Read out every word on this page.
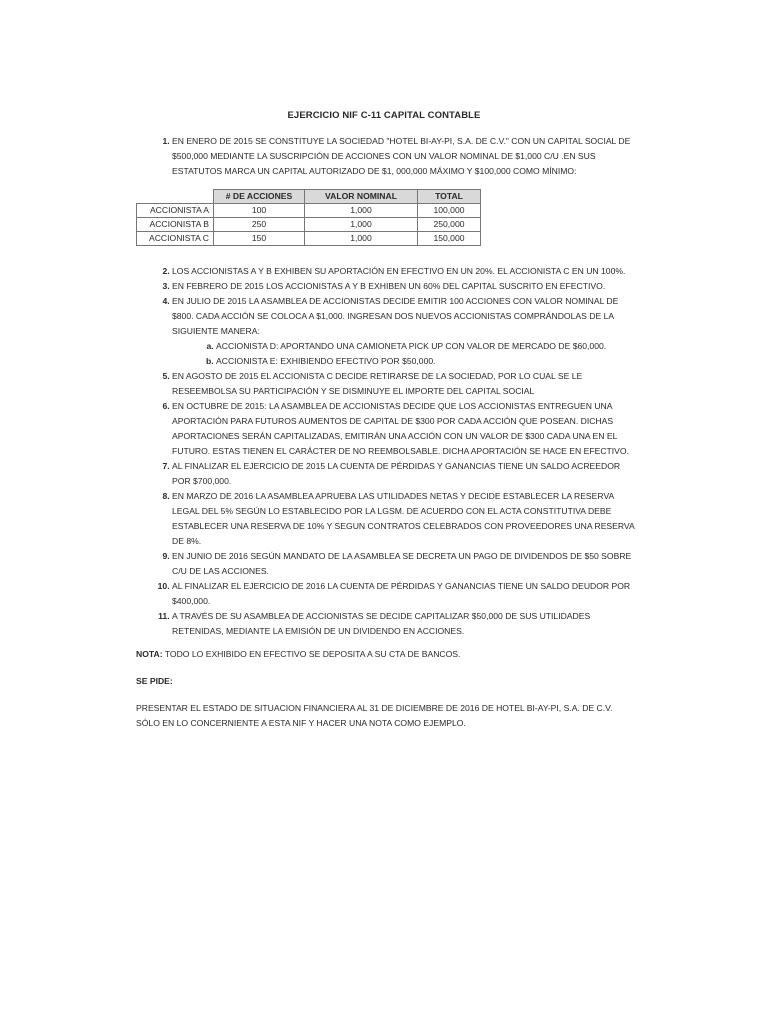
EJERCICIO NIF C-11 CAPITAL CONTABLE
1. EN ENERO DE 2015 SE CONSTITUYE LA SOCIEDAD "HOTEL BI-AY-PI, S.A. DE C.V." CON UN CAPITAL SOCIAL DE $500,000 MEDIANTE LA SUSCRIPCIÓN DE ACCIONES CON UN VALOR NOMINAL DE $1,000 C/U .EN SUS ESTATUTOS MARCA UN CAPITAL AUTORIZADO DE $1, 000,000 MÁXIMO Y $100,000 COMO MÍNIMO:
	# DE ACCIONES	VALOR NOMINAL	TOTAL
ACCIONISTA A	100	1,000	100,000
ACCIONISTA B	250	1,000	250,000
ACCIONISTA C	150	1,000	150,000
2. LOS ACCIONISTAS A Y B EXHIBEN SU APORTACIÓN EN EFECTIVO EN UN 20%. EL ACCIONISTA C EN UN 100%.
3. EN FEBRERO DE 2015 LOS ACCIONISTAS A Y B EXHIBEN UN 60% DEL CAPITAL SUSCRITO EN EFECTIVO.
4. EN JULIO DE 2015 LA ASAMBLEA DE ACCIONISTAS DECIDE EMITIR 100 ACCIONES CON VALOR NOMINAL DE $800. CADA ACCIÓN SE COLOCA A $1,000. INGRESAN DOS NUEVOS ACCIONISTAS COMPRÁNDOLAS DE LA SIGUIENTE MANERA:
a. ACCIONISTA D: APORTANDO UNA CAMIONETA PICK UP CON VALOR DE MERCADO DE $60,000.
b. ACCIONISTA E: EXHIBIENDO EFECTIVO POR $50,000.
5. EN AGOSTO DE 2015 EL ACCIONISTA C DECIDE RETIRARSE DE LA SOCIEDAD, POR LO CUAL SE LE RESEEMBOLSA SU PARTICIPACIÓN Y SE DISMINUYE EL IMPORTE DEL CAPITAL SOCIAL
6. EN OCTUBRE DE 2015: LA ASAMBLEA DE ACCIONISTAS DECIDE QUE LOS ACCIONISTAS ENTREGUEN UNA APORTACIÓN PARA FUTUROS AUMENTOS DE CAPITAL DE $300 POR CADA ACCIÓN QUE POSEAN. DICHAS APORTACIONES SERÁN CAPITALIZADAS, EMITIRÁN UNA ACCIÓN CON UN VALOR DE $300 CADA UNA EN EL FUTURO. ESTAS TIENEN EL CARÁCTER DE NO REEMBOLSABLE. DICHA APORTACIÓN SE HACE EN EFECTIVO.
7. AL FINALIZAR EL EJERCICIO DE 2015 LA CUENTA DE PÉRDIDAS Y GANANCIAS TIENE UN SALDO ACREEDOR POR $700,000.
8. EN MARZO DE 2016 LA ASAMBLEA APRUEBA LAS UTILIDADES NETAS Y DECIDE ESTABLECER LA RESERVA LEGAL DEL 5% SEGÚN LO ESTABLECIDO POR LA LGSM. DE ACUERDO CON EL ACTA CONSTITUTIVA DEBE ESTABLECER UNA RESERVA DE 10% Y SEGUN CONTRATOS CELEBRADOS CON PROVEEDORES UNA RESERVA DE 8%.
9. EN JUNIO DE 2016 SEGÚN MANDATO DE LA ASAMBLEA SE DECRETA UN PAGO DE DIVIDENDOS DE $50 SOBRE C/U DE LAS ACCIONES.
10. AL FINALIZAR EL EJERCICIO DE 2016 LA CUENTA DE PÉRDIDAS Y GANANCIAS TIENE UN SALDO DEUDOR POR $400,000.
11. A TRAVÉS DE SU ASAMBLEA DE ACCIONISTAS SE DECIDE CAPITALIZAR $50,000 DE SUS UTILIDADES RETENIDAS, MEDIANTE LA EMISIÓN DE UN DIVIDENDO EN ACCIONES.
NOTA: TODO LO EXHIBIDO EN EFECTIVO SE DEPOSITA A SU CTA DE BANCOS.
SE PIDE:
PRESENTAR EL ESTADO DE SITUACION FINANCIERA AL 31 DE DICIEMBRE DE 2016 DE HOTEL BI-AY-PI, S.A. DE C.V. SÓLO EN LO CONCERNIENTE A ESTA NIF Y HACER UNA NOTA COMO EJEMPLO.
